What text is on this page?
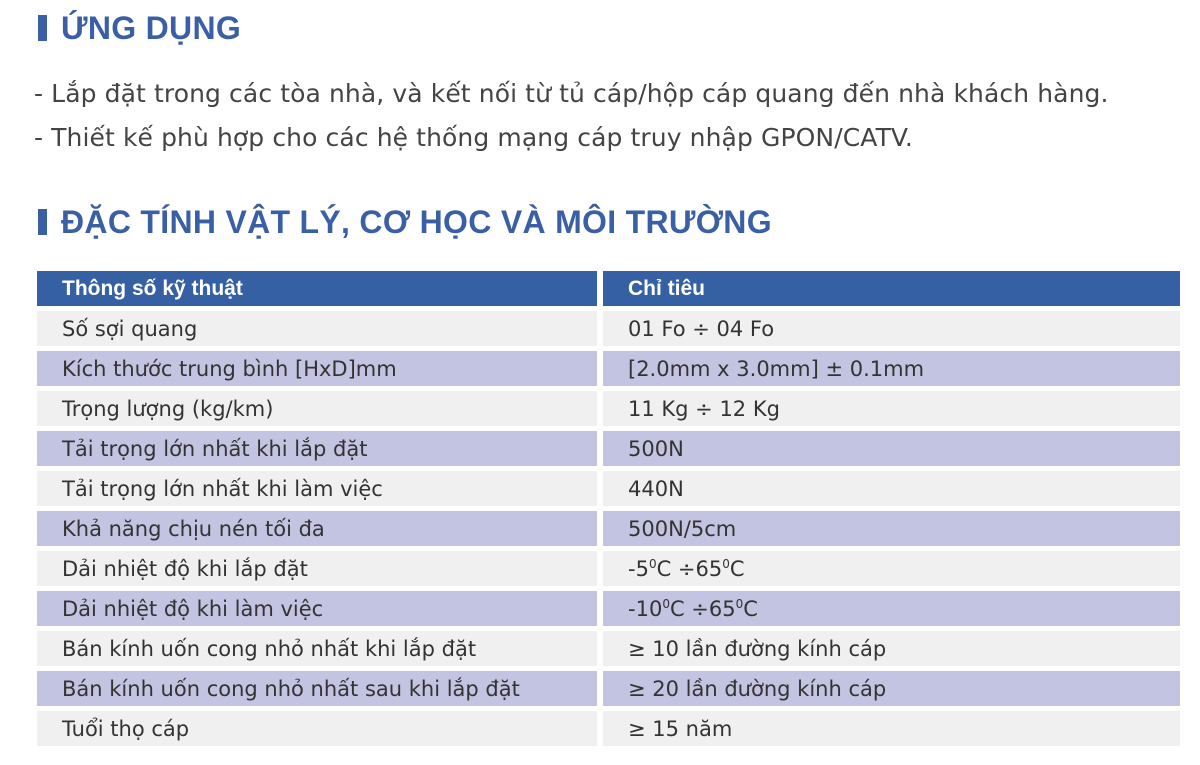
ỨNG DỤNG
- Lắp đặt trong các tòa nhà, và kết nối từ tủ cáp/hộp cáp quang đến nhà khách hàng.
- Thiết kế phù hợp cho các hệ thống mạng cáp truy nhập GPON/CATV.
ĐẶC TÍNH VẬT LÝ, CƠ HỌC VÀ MÔI TRƯỜNG
Thông số kỹ thuật	Chỉ tiêu
Số sợi quang	01 Fo ÷ 04 Fo
Kích thước trung bình [HxD]mm	[2.0mm x 3.0mm] ± 0.1mm
Trọng lượng (kg/km)	11 Kg ÷ 12 Kg
Tải trọng lớn nhất khi lắp đặt	500N
Tải trọng lớn nhất khi làm việc	440N
Khả năng chịu nén tối đa	500N/5cm
Dải nhiệt độ khi lắp đặt	$-5^0C \div 65^0C$
Dải nhiệt độ khi làm việc	$-10^0C \div 65^0C$
Bán kính uốn cong nhỏ nhất khi lắp đặt	≥ 10 lần đường kính cáp
Bán kính uốn cong nhỏ nhất sau khi lắp đặt	≥ 20 lần đường kính cáp
Tuổi thọ cáp	≥ 15 năm
